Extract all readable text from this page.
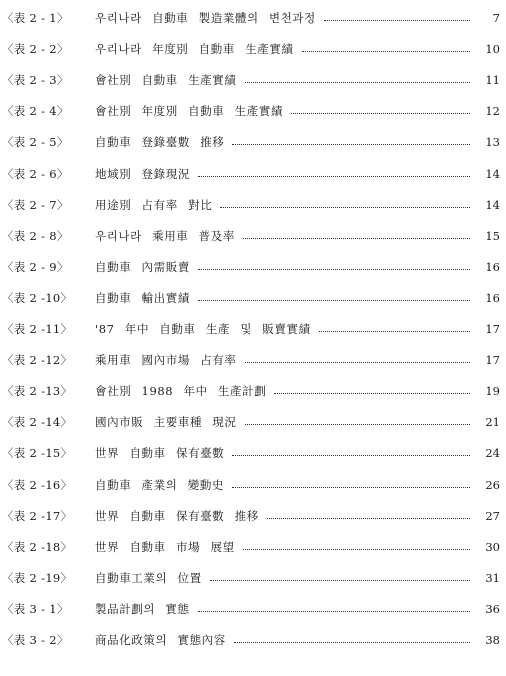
〈表 2 - 1〉	우리나라 自動車 製造業體의 변천과정	7
〈表 2 - 2〉	우리나라 年度別 自動車 生產實績	10
〈表 2 - 3〉	會社別 自動車 生產實績	11
〈表 2 - 4〉	會社別 年度別 自動車 生產實績	12
〈表 2 - 5〉	自動車 登錄臺數 推移	13
〈表 2 - 6〉	地域別 登錄現況	14
〈表 2 - 7〉	用途別 占有率 對比	14
〈表 2 - 8〉	우리나라 乘用車 普及率	15
〈表 2 - 9〉	自動車 內需販賣	16
〈表 2 -10〉	自動車 輸出實績	16
〈表 2 -11〉	'87 年中 自動車 生產 및 販賣實績	17
〈表 2 -12〉	乘用車 國內市場 占有率	17
〈表 2 -13〉	會社別 1988 年中 生產計劃	19
〈表 2 -14〉	國內市販 主要車種 現況	21
〈表 2 -15〉	世界 自動車 保有臺數	24
〈表 2 -16〉	自動車 產業의 變動史	26
〈表 2 -17〉	世界 自動車 保有臺數 推移	27
〈表 2 -18〉	世界 自動車 市場 展望	30
〈表 2 -19〉	自動車工業의 位置	31
〈表 3 - 1〉	製品計劃의 實態	36
〈表 3 - 2〉	商品化政策의 實態內容	38
